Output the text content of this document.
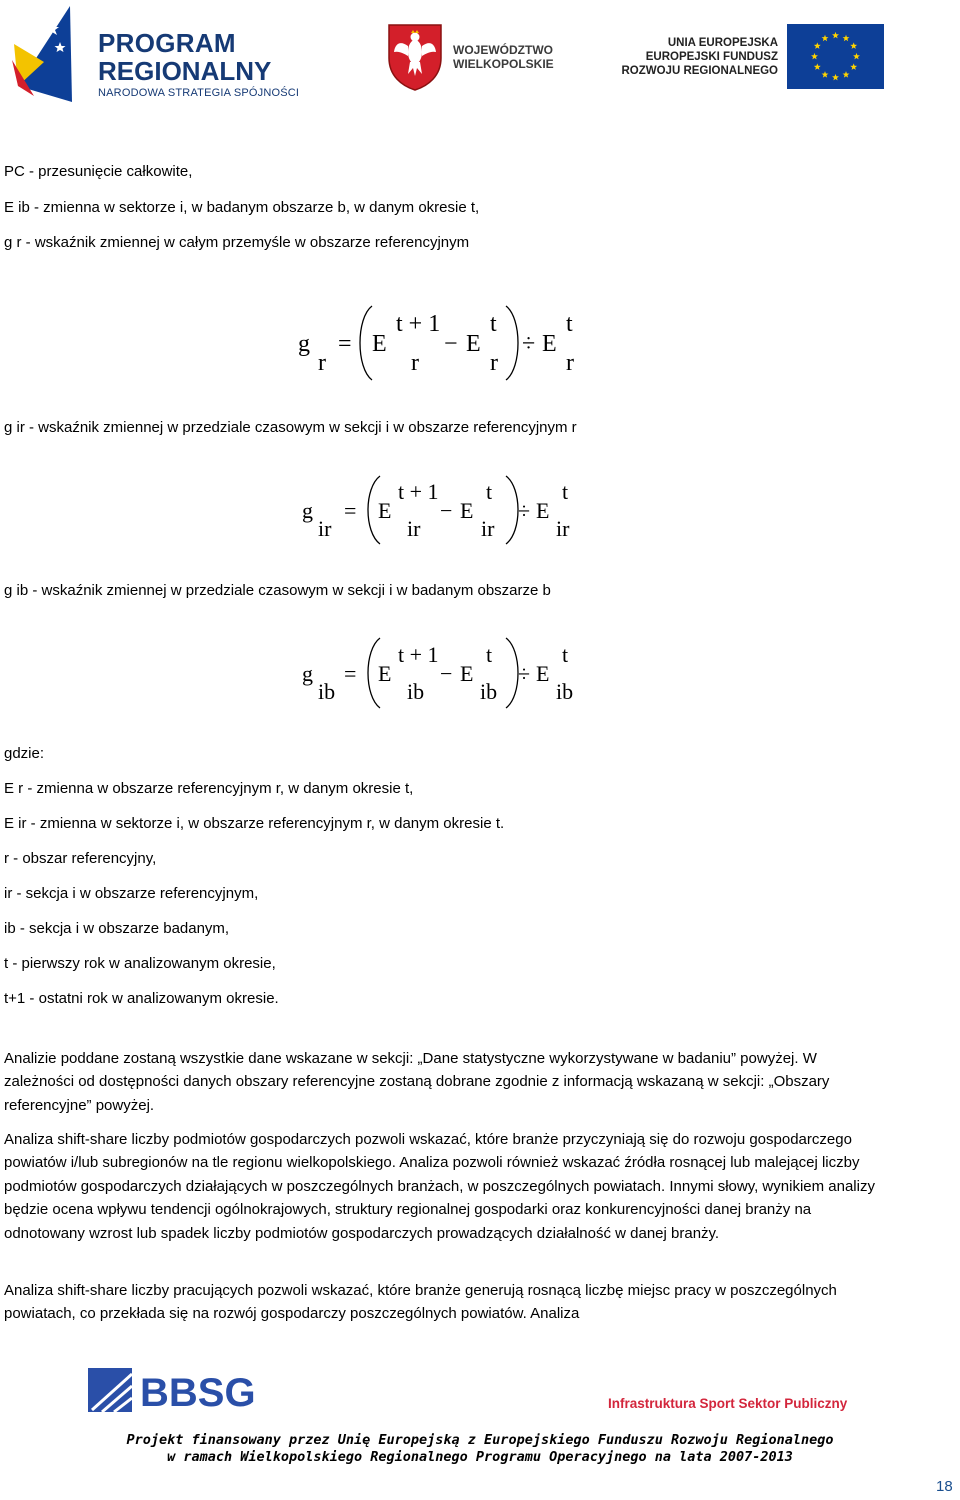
PROGRAM
REGIONALNY
NARODOWA STRATEGIA SPÓJNOŚCI
WOJEWÓDZTWO
WIELKOPOLSKIE
UNIA EUROPEJSKA
EUROPEJSKI FUNDUSZ
ROZWOJU REGIONALNEGO
PC - przesunięcie całkowite,
E ib - zmienna w sektorze i, w badanym obszarze b, w danym okresie t,
g r - wskaźnik zmiennej w całym przemyśle w obszarze referencyjnym
g
r
= E
t + 1
r
− E
t
r
÷ E
t
r
g ir - wskaźnik zmiennej w przedziale czasowym w sekcji i w obszarze referencyjnym r
g
ir
= E
t + 1
ir
− E
t
ir
÷ E
t
ir
g ib - wskaźnik zmiennej w przedziale czasowym w sekcji i w badanym obszarze b
g
ib
= E
t + 1
ib
− E
t
ib
÷ E
t
ib
gdzie:
E r - zmienna w obszarze referencyjnym r, w danym okresie t,
E ir - zmienna w sektorze i, w obszarze referencyjnym r, w danym okresie t.
r - obszar referencyjny,
ir - sekcja i w obszarze referencyjnym,
ib - sekcja i w obszarze badanym,
t - pierwszy rok w analizowanym okresie,
t+1 - ostatni rok w analizowanym okresie.

Analizie poddane zostaną wszystkie dane wskazane w sekcji: „Dane statystyczne wykorzystywane w badaniu” powyżej. W zależności od dostępności danych obszary referencyjne zostaną dobrane zgodnie z informacją wskazaną w sekcji: „Obszary referencyjne” powyżej.

Analiza shift-share liczby podmiotów gospodarczych pozwoli wskazać, które branże przyczyniają się do rozwoju gospodarczego powiatów i/lub subregionów na tle regionu wielkopolskiego. Analiza pozwoli również wskazać źródła rosnącej lub malejącej liczby podmiotów gospodarczych działających w poszczególnych branżach, w poszczególnych powiatach. Innymi słowy, wynikiem analizy będzie ocena wpływu tendencji ogólnokrajowych, struktury regionalnej gospodarki oraz konkurencyjności danej branży na odnotowany wzrost lub spadek liczby podmiotów gospodarczych prowadzących działalność w danej branży.

Analiza shift-share liczby pracujących pozwoli wskazać, które branże generują rosnącą liczbę miejsc pracy w poszczególnych powiatach, co przekłada się na rozwój gospodarczy poszczególnych powiatów. Analiza

BBSG	Infrastruktura Sport Sektor Publiczny
Projekt finansowany przez Unię Europejską z Europejskiego Funduszu Rozwoju Regionalnego
w ramach Wielkopolskiego Regionalnego Programu Operacyjnego na lata 2007-2013
18
